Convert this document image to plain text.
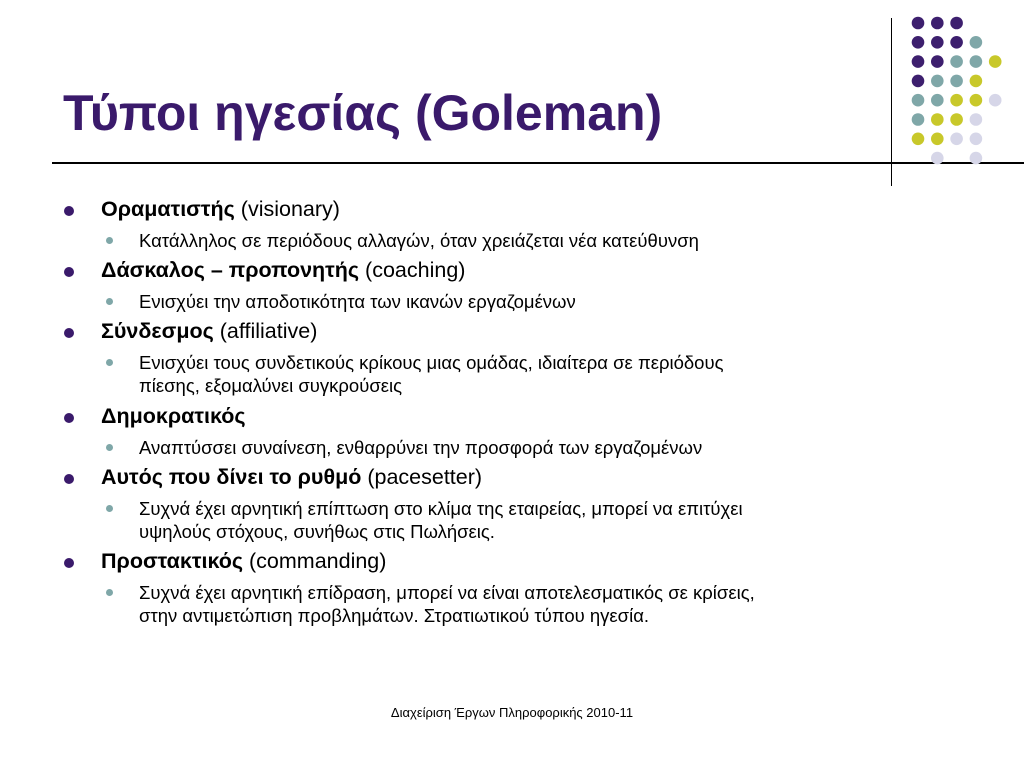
Τύποι ηγεσίας (Goleman)
Οραματιστής (visionary)
Κατάλληλος σε περιόδους αλλαγών, όταν χρειάζεται νέα κατεύθυνση
Δάσκαλος – προπονητής (coaching)
Ενισχύει την αποδοτικότητα των ικανών εργαζομένων
Σύνδεσμος (affiliative)
Ενισχύει τους συνδετικούς κρίκους μιας ομάδας, ιδιαίτερα σε περιόδους
πίεσης, εξομαλύνει συγκρούσεις
Δημοκρατικός
Αναπτύσσει συναίνεση, ενθαρρύνει την προσφορά των εργαζομένων
Αυτός που δίνει το ρυθμό (pacesetter)
Συχνά έχει αρνητική επίπτωση στο κλίμα της εταιρείας, μπορεί να επιτύχει
υψηλούς στόχους, συνήθως στις Πωλήσεις.
Προστακτικός (commanding)
Συχνά έχει αρνητική επίδραση, μπορεί να είναι αποτελεσματικός σε κρίσεις,
στην αντιμετώπιση προβλημάτων. Στρατιωτικού τύπου ηγεσία.
Διαχείριση Έργων Πληροφορικής 2010-11
